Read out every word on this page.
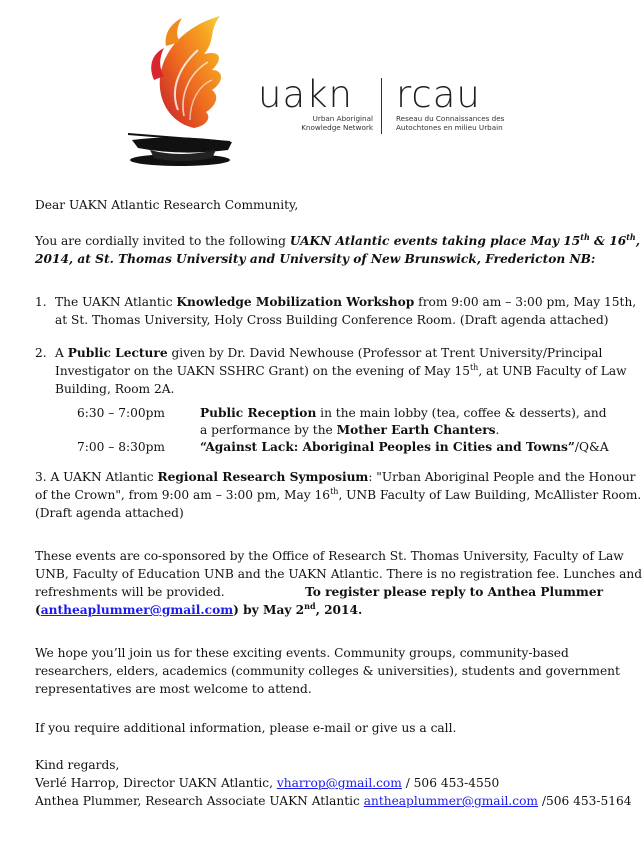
uakn rcau
Urban Aboriginal
Knowledge Network
Reseau du Connaissances des
Autochtones en milieu Urbain
Dear UAKN Atlantic Research Community,
You are cordially invited to the following UAKN Atlantic events taking place May 15th & 16th,
2014, at St. Thomas University and University of New Brunswick, Fredericton NB:
1. The UAKN Atlantic Knowledge Mobilization Workshop from 9:00 am – 3:00 pm, May 15th,
at St. Thomas University, Holy Cross Building Conference Room. (Draft agenda attached)
2. A Public Lecture given by Dr. David Newhouse (Professor at Trent University/Principal
Investigator on the UAKN SSHRC Grant) on the evening of May 15th, at UNB Faculty of Law
Building, Room 2A.
6:30 – 7:00pm	Public Reception in the main lobby (tea, coffee & desserts), and
a performance by the Mother Earth Chanters.
7:00 – 8:30pm	“Against Lack: Aboriginal Peoples in Cities and Towns”/Q&A
3. A UAKN Atlantic Regional Research Symposium: "Urban Aboriginal People and the Honour
of the Crown", from 9:00 am – 3:00 pm, May 16th, UNB Faculty of Law Building, McAllister Room.
(Draft agenda attached)
These events are co-sponsored by the Office of Research St. Thomas University, Faculty of Law
UNB, Faculty of Education UNB and the UAKN Atlantic. There is no registration fee. Lunches and
refreshments will be provided.	To register please reply to Anthea Plummer
(antheaplummer@gmail.com) by May 2nd, 2014.
We hope you’ll join us for these exciting events. Community groups, community-based
researchers, elders, academics (community colleges & universities), students and government
representatives are most welcome to attend.
If you require additional information, please e-mail or give us a call.
Kind regards,
Verlé Harrop, Director UAKN Atlantic, vharrop@gmail.com / 506 453-4550
Anthea Plummer, Research Associate UAKN Atlantic antheaplummer@gmail.com /506 453-5164
